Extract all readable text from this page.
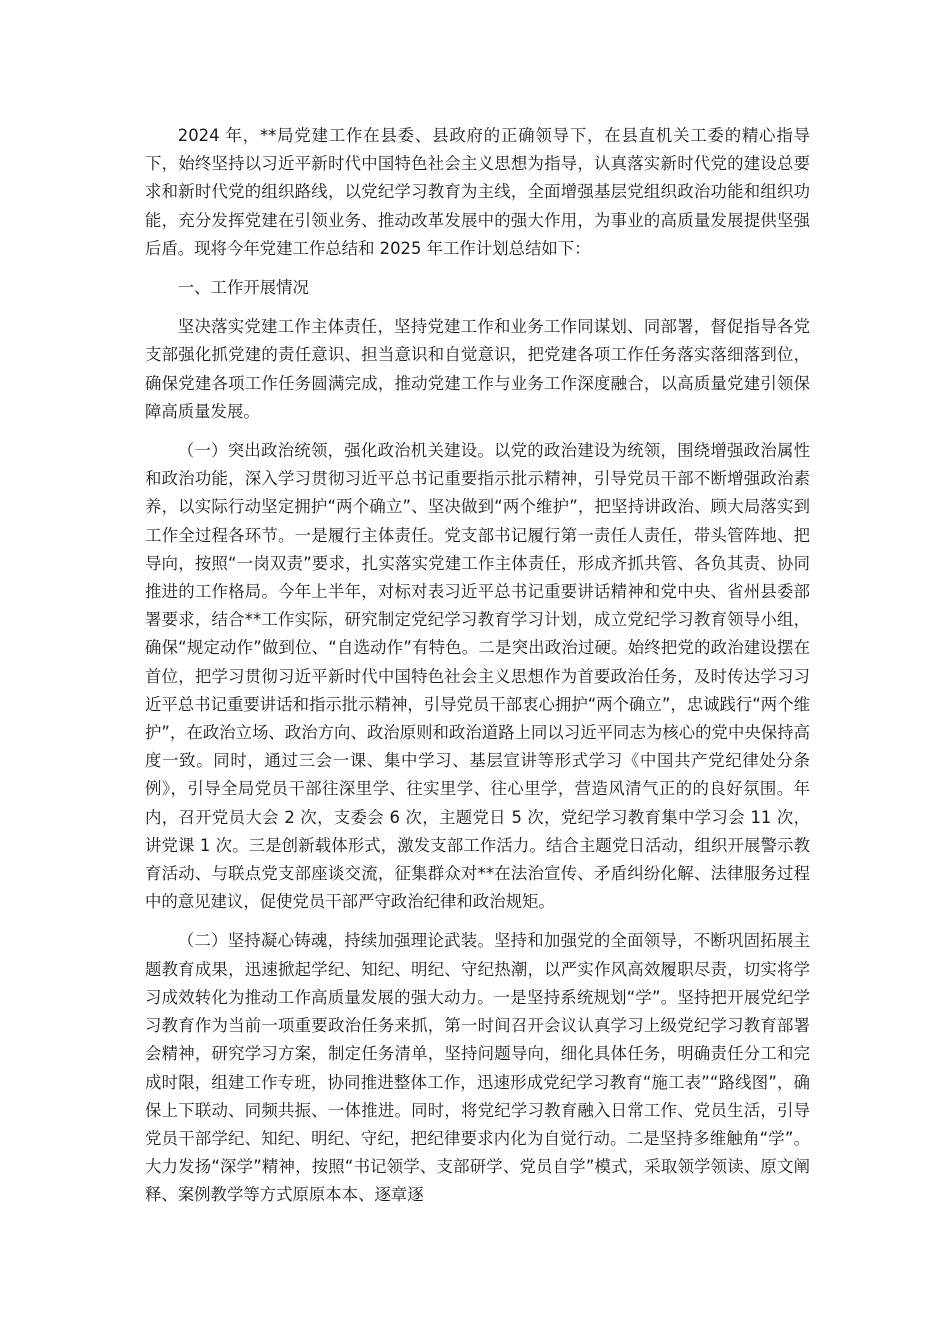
2024 年，**局党建工作在县委、县政府的正确领导下，在县直机关工委的精心指导下，始终坚持以习近平新时代中国特色社会主义思想为指导，认真落实新时代党的建设总要求和新时代党的组织路线，以党纪学习教育为主线，全面增强基层党组织政治功能和组织功能，充分发挥党建在引领业务、推动改革发展中的强大作用，为事业的高质量发展提供坚强后盾。现将今年党建工作总结和 2025 年工作计划总结如下：

一、工作开展情况

坚决落实党建工作主体责任，坚持党建工作和业务工作同谋划、同部署，督促指导各党支部强化抓党建的责任意识、担当意识和自觉意识，把党建各项工作任务落实落细落到位，确保党建各项工作任务圆满完成，推动党建工作与业务工作深度融合，以高质量党建引领保障高质量发展。

（一）突出政治统领，强化政治机关建设。以党的政治建设为统领，围绕增强政治属性和政治功能，深入学习贯彻习近平总书记重要指示批示精神，引导党员干部不断增强政治素养，以实际行动坚定拥护“两个确立”、坚决做到“两个维护”，把坚持讲政治、顾大局落实到工作全过程各环节。一是履行主体责任。党支部书记履行第一责任人责任，带头管阵地、把导向，按照“一岗双责”要求，扎实落实党建工作主体责任，形成齐抓共管、各负其责、协同推进的工作格局。今年上半年，对标对表习近平总书记重要讲话精神和党中央、省州县委部署要求，结合**工作实际，研究制定党纪学习教育学习计划，成立党纪学习教育领导小组，确保“规定动作”做到位、“自选动作”有特色。二是突出政治过硬。始终把党的政治建设摆在首位，把学习贯彻习近平新时代中国特色社会主义思想作为首要政治任务，及时传达学习习近平总书记重要讲话和指示批示精神，引导党员干部衷心拥护“两个确立”，忠诚践行“两个维护”，在政治立场、政治方向、政治原则和政治道路上同以习近平同志为核心的党中央保持高度一致。同时，通过三会一课、集中学习、基层宣讲等形式学习《中国共产党纪律处分条例》，引导全局党员干部往深里学、往实里学、往心里学，营造风清气正的的良好氛围。年内，召开党员大会 2 次，支委会 6 次，主题党日 5 次，党纪学习教育集中学习会 11 次，讲党课 1 次。三是创新载体形式，激发支部工作活力。结合主题党日活动，组织开展警示教育活动、与联点党支部座谈交流，征集群众对**在法治宣传、矛盾纠纷化解、法律服务过程中的意见建议，促使党员干部严守政治纪律和政治规矩。

（二）坚持凝心铸魂，持续加强理论武装。坚持和加强党的全面领导，不断巩固拓展主题教育成果，迅速掀起学纪、知纪、明纪、守纪热潮，以严实作风高效履职尽责，切实将学习成效转化为推动工作高质量发展的强大动力。一是坚持系统规划“学”。坚持把开展党纪学习教育作为当前一项重要政治任务来抓，第一时间召开会议认真学习上级党纪学习教育部署会精神，研究学习方案，制定任务清单，坚持问题导向，细化具体任务，明确责任分工和完成时限，组建工作专班，协同推进整体工作，迅速形成党纪学习教育“施工表”“路线图”，确保上下联动、同频共振、一体推进。同时，将党纪学习教育融入日常工作、党员生活，引导党员干部学纪、知纪、明纪、守纪，把纪律要求内化为自觉行动。二是坚持多维触角“学”。大力发扬“深学”精神，按照“书记领学、支部研学、党员自学”模式，采取领学领读、原文阐释、案例教学等方式原原本本、逐章逐
